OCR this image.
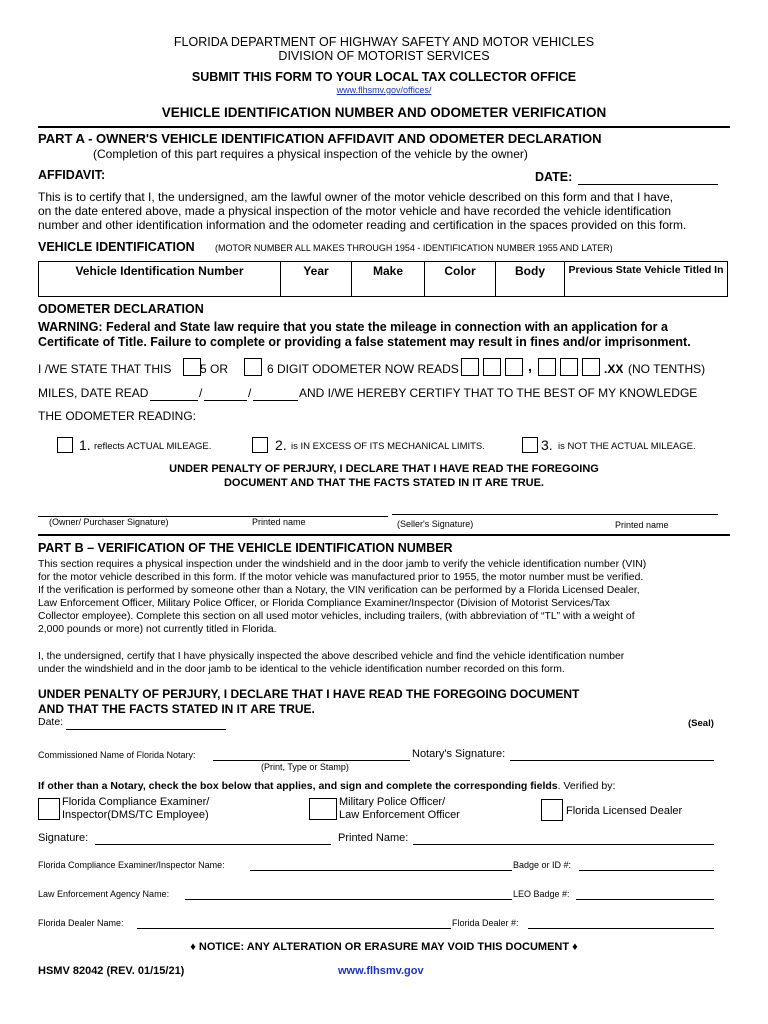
FLORIDA DEPARTMENT OF HIGHWAY SAFETY AND MOTOR VEHICLES
DIVISION OF MOTORIST SERVICES
SUBMIT THIS FORM TO YOUR LOCAL TAX COLLECTOR OFFICE
www.flhsmv.gov/offices/
VEHICLE IDENTIFICATION NUMBER AND ODOMETER VERIFICATION
PART A - OWNER'S VEHICLE IDENTIFICATION AFFIDAVIT AND ODOMETER DECLARATION
(Completion of this part requires a physical inspection of the vehicle by the owner)
AFFIDAVIT:	DATE:
This is to certify that I, the undersigned, am the lawful owner of the motor vehicle described on this form and that I have,
on the date entered above, made a physical inspection of the motor vehicle and have recorded the vehicle identification
number and other identification information and the odometer reading and certification in the spaces provided on this form.
VEHICLE IDENTIFICATION (MOTOR NUMBER ALL MAKES THROUGH 1954 - IDENTIFICATION NUMBER 1955 AND LATER)
Vehicle Identification Number	Year	Make	Color	Body	Previous State Vehicle Titled In
ODOMETER DECLARATION
WARNING: Federal and State law require that you state the mileage in connection with an application for a
Certificate of Title. Failure to complete or providing a false statement may result in fines and/or imprisonment.
I /WE STATE THAT THIS 5 OR	6 DIGIT ODOMETER NOW READS	,	.XX (NO TENTHS)
MILES, DATE READ	/	/	AND I/WE HEREBY CERTIFY THAT TO THE BEST OF MY KNOWLEDGE
THE ODOMETER READING:
1. reflects ACTUAL MILEAGE.	2. is IN EXCESS OF ITS MECHANICAL LIMITS.	3. is NOT THE ACTUAL MILEAGE.
UNDER PENALTY OF PERJURY, I DECLARE THAT I HAVE READ THE FOREGOING
DOCUMENT AND THAT THE FACTS STATED IN IT ARE TRUE.
(Owner/ Purchaser Signature)	Printed name	(Seller's Signature)	Printed name
PART B – VERIFICATION OF THE VEHICLE IDENTIFICATION NUMBER
This section requires a physical inspection under the windshield and in the door jamb to verify the vehicle identification number (VIN)
for the motor vehicle described in this form. If the motor vehicle was manufactured prior to 1955, the motor number must be verified.
If the verification is performed by someone other than a Notary, the VIN verification can be performed by a Florida Licensed Dealer,
Law Enforcement Officer, Military Police Officer, or Florida Compliance Examiner/Inspector (Division of Motorist Services/Tax
Collector employee). Complete this section on all used motor vehicles, including trailers, (with abbreviation of “TL” with a weight of
2,000 pounds or more) not currently titled in Florida.
I, the undersigned, certify that I have physically inspected the above described vehicle and find the vehicle identification number
under the windshield and in the door jamb to be identical to the vehicle identification number recorded on this form.
UNDER PENALTY OF PERJURY, I DECLARE THAT I HAVE READ THE FOREGOING DOCUMENT
AND THAT THE FACTS STATED IN IT ARE TRUE.
Date:	(Seal)
Commissioned Name of Florida Notary:	Notary's Signature:
(Print, Type or Stamp)
If other than a Notary, check the box below that applies, and sign and complete the corresponding fields. Verified by:
Florida Compliance Examiner/
Inspector(DMS/TC Employee)
Military Police Officer/
Law Enforcement Officer	Florida Licensed Dealer
Signature:	Printed Name:
Florida Compliance Examiner/Inspector Name:	Badge or ID #:
Law Enforcement Agency Name:	LEO Badge #:
Florida Dealer Name:	Florida Dealer #:
♦ NOTICE: ANY ALTERATION OR ERASURE MAY VOID THIS DOCUMENT ♦
HSMV 82042 (REV. 01/15/21)	www.flhsmv.gov
